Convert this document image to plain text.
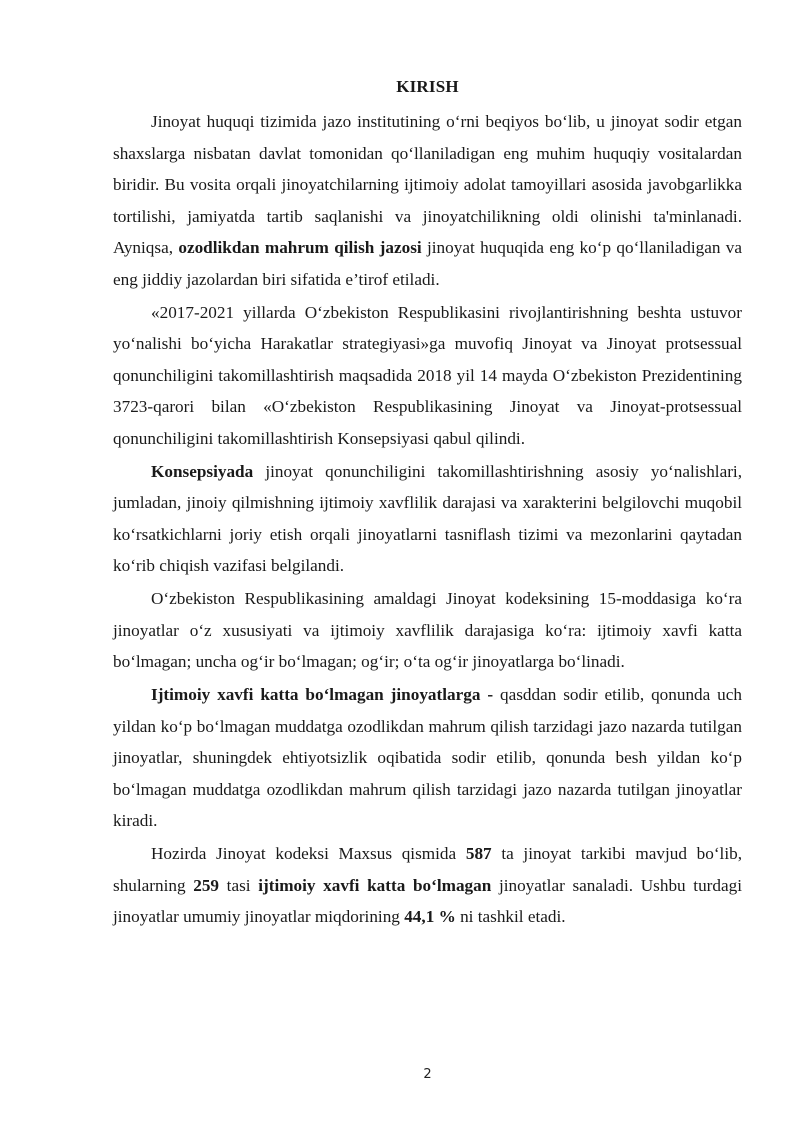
KIRISH

Jinoyat huquqi tizimida jazo institutining o‘rni beqiyos bo‘lib, u jinoyat sodir etgan shaxslarga nisbatan davlat tomonidan qo‘llaniladigan eng muhim huquqiy vositalardan biridir. Bu vosita orqali jinoyatchilarning ijtimoiy adolat tamoyillari asosida javobgarlikka tortilishi, jamiyatda tartib saqlanishi va jinoyatchilikning oldi olinishi ta'minlanadi. Ayniqsa, ozodlikdan mahrum qilish jazosi jinoyat huquqida eng ko‘p qo‘llaniladigan va eng jiddiy jazolardan biri sifatida e’tirof etiladi.

«2017-2021 yillarda O‘zbekiston Respublikasini rivojlantirishning beshta ustuvor yo‘nalishi bo‘yicha Harakatlar strategiyasi»ga muvofiq Jinoyat va Jinoyat protsessual qonunchiligini takomillashtirish maqsadida 2018 yil 14 mayda O‘zbekiston Prezidentining 3723-qarori bilan «O‘zbekiston Respublikasining Jinoyat va Jinoyat-protsessual qonunchiligini takomillashtirish Konsepsiyasi qabul qilindi.

Konsepsiyada jinoyat qonunchiligini takomillashtirishning asosiy yo‘nalishlari, jumladan, jinoiy qilmishning ijtimoiy xavflilik darajasi va xarakterini belgilovchi muqobil ko‘rsatkichlarni joriy etish orqali jinoyatlarni tasniflash tizimi va mezonlarini qaytadan ko‘rib chiqish vazifasi belgilandi.

O‘zbekiston Respublikasining amaldagi Jinoyat kodeksining 15-moddasiga ko‘ra jinoyatlar o‘z xususiyati va ijtimoiy xavflilik darajasiga ko‘ra: ijtimoiy xavfi katta bo‘lmagan; uncha og‘ir bo‘lmagan; og‘ir; o‘ta og‘ir jinoyatlarga bo‘linadi.

Ijtimoiy xavfi katta bo‘lmagan jinoyatlarga - qasddan sodir etilib, qonunda uch yildan ko‘p bo‘lmagan muddatga ozodlikdan mahrum qilish tarzidagi jazo nazarda tutilgan jinoyatlar, shuningdek ehtiyotsizlik oqibatida sodir etilib, qonunda besh yildan ko‘p bo‘lmagan muddatga ozodlikdan mahrum qilish tarzidagi jazo nazarda tutilgan jinoyatlar kiradi.

Hozirda Jinoyat kodeksi Maxsus qismida 587 ta jinoyat tarkibi mavjud bo‘lib, shularning 259 tasi ijtimoiy xavfi katta bo‘lmagan jinoyatlar sanaladi. Ushbu turdagi jinoyatlar umumiy jinoyatlar miqdorining 44,1 % ni tashkil etadi.

2
